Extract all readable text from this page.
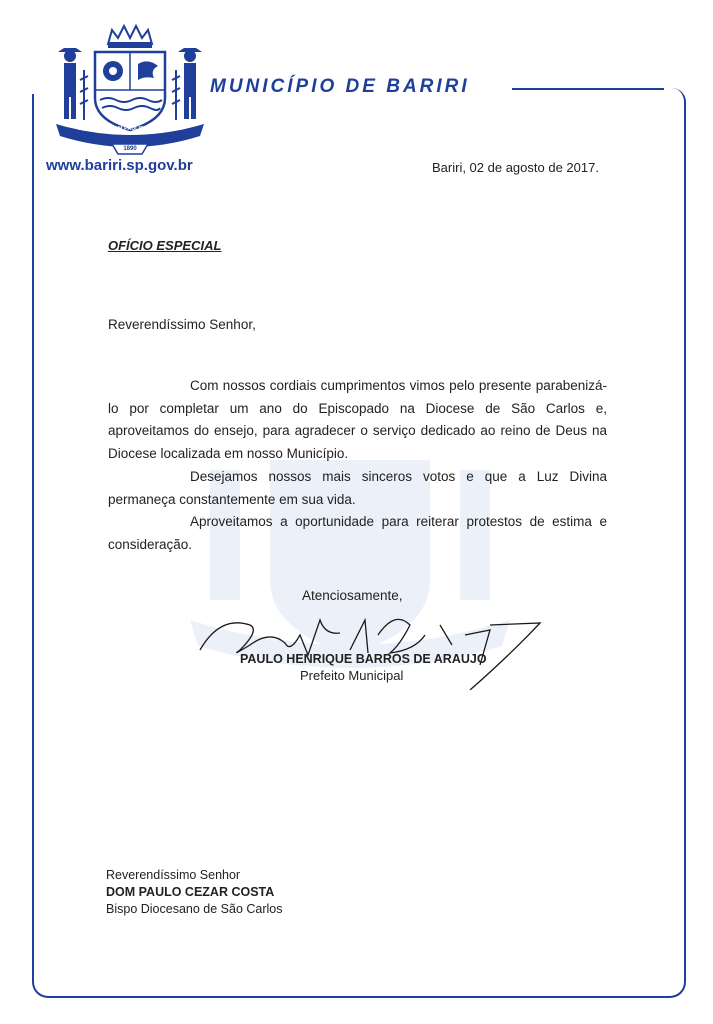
BARIRI TERRAM PAULISTAM DECORAT
1890
MUNICÍPIO DE BARIRI
www.bariri.sp.gov.br	Bariri, 02 de agosto de 2017.
OFÍCIO ESPECIAL
Reverendíssimo Senhor,

Com nossos cordiais cumprimentos vimos pelo presente parabenizá-lo por completar um ano do Episcopado na Diocese de São Carlos e, aproveitamos do ensejo, para agradecer o serviço dedicado ao reino de Deus na Diocese localizada em nosso Município.

Desejamos nossos mais sinceros votos e que a Luz Divina permaneça constantemente em sua vida.

Aproveitamos a oportunidade para reiterar protestos de estima e consideração.

Atenciosamente,
PAULO HENRIQUE BARROS DE ARAUJO
Prefeito Municipal
Reverendíssimo Senhor
DOM PAULO CEZAR COSTA
Bispo Diocesano de São Carlos
